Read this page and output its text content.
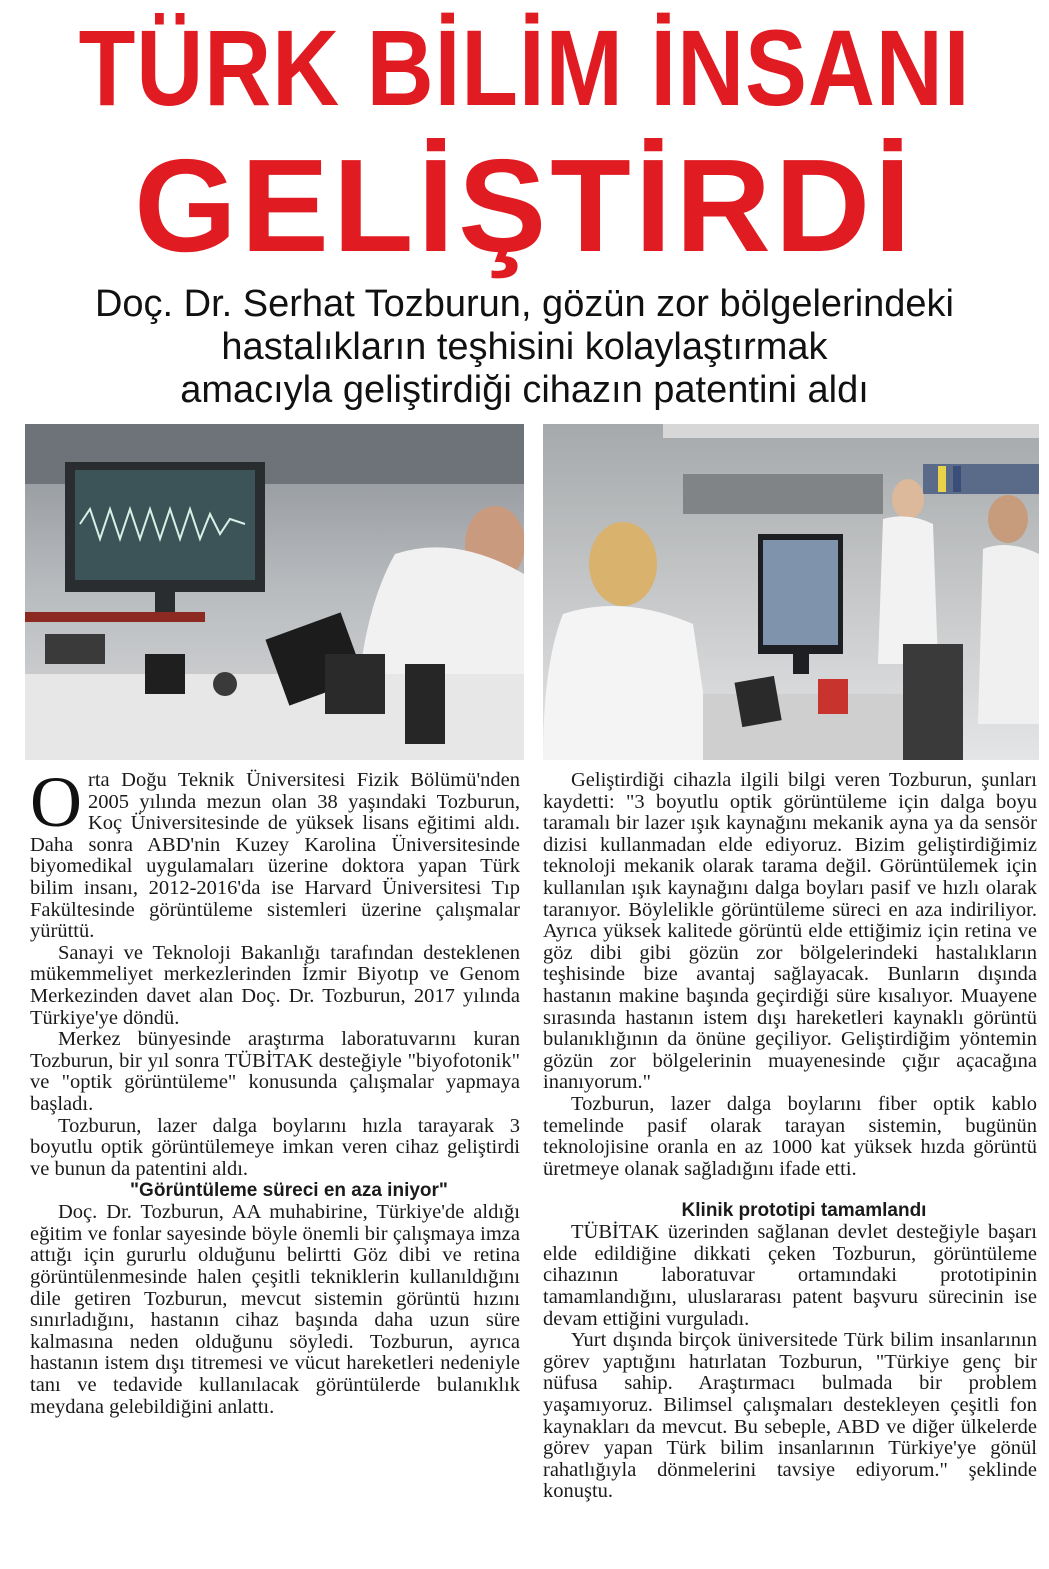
TÜRK BİLİM İNSANI
GELİŞTİRDİ
Doç. Dr. Serhat Tozburun, gözün zor bölgelerindeki
hastalıkların teşhisini kolaylaştırmak
amacıyla geliştirdiği cihazın patentini aldı

Orta Doğu Teknik Üniversitesi Fizik Bölümü'nden 2005 yılında mezun olan 38 yaşındaki Tozburun, Koç Üniversitesinde de yüksek lisans eğitimi aldı. Daha sonra ABD'nin Kuzey Karolina Üniversitesinde biyomedikal uygulamaları üzerine doktora yapan Türk bilim insanı, 2012-2016'da ise Harvard Üniversitesi Tıp Fakültesinde görüntüleme sistemleri üzerine çalışmalar yürüttü.

Sanayi ve Teknoloji Bakanlığı tarafından desteklenen mükemmeliyet merkezlerinden İzmir Biyotıp ve Genom Merkezinden davet alan Doç. Dr. Tozburun, 2017 yılında Türkiye'ye döndü.

Merkez bünyesinde araştırma laboratuvarını kuran Tozburun, bir yıl sonra TÜBİTAK desteğiyle "biyofotonik" ve "optik görüntüleme" konusunda çalışmalar yapmaya başladı.

Tozburun, lazer dalga boylarını hızla tarayarak 3 boyutlu optik görüntülemeye imkan veren cihaz geliştirdi ve bunun da patentini aldı.

"Görüntüleme süreci en aza iniyor"

Doç. Dr. Tozburun, AA muhabirine, Türkiye'de aldığı eğitim ve fonlar sayesinde böyle önemli bir çalışmaya imza attığı için gururlu olduğunu belirtti Göz dibi ve retina görüntülenmesinde halen çeşitli tekniklerin kullanıldığını dile getiren Tozburun, mevcut sistemin görüntü hızını sınırladığını, hastanın cihaz başında daha uzun süre kalmasına neden olduğunu söyledi. Tozburun, ayrıca hastanın istem dışı titremesi ve vücut hareketleri nedeniyle tanı ve tedavide kullanılacak görüntülerde bulanıklık meydana gelebildiğini anlattı.

Geliştirdiği cihazla ilgili bilgi veren Tozburun, şunları kaydetti: "3 boyutlu optik görüntüleme için dalga boyu taramalı bir lazer ışık kaynağını mekanik ayna ya da sensör dizisi kullanmadan elde ediyoruz. Bizim geliştirdiğimiz teknoloji mekanik olarak tarama değil. Görüntülemek için kullanılan ışık kaynağını dalga boyları pasif ve hızlı olarak taranıyor. Böylelikle görüntüleme süreci en aza indiriliyor. Ayrıca yüksek kalitede görüntü elde ettiğimiz için retina ve göz dibi gibi gözün zor bölgelerindeki hastalıkların teşhisinde bize avantaj sağlayacak. Bunların dışında hastanın makine başında geçirdiği süre kısalıyor. Muayene sırasında hastanın istem dışı hareketleri kaynaklı görüntü bulanıklığının da önüne geçiliyor. Geliştirdiğim yöntemin gözün zor bölgelerinin muayenesinde çığır açacağına inanıyorum."

Tozburun, lazer dalga boylarını fiber optik kablo temelinde pasif olarak tarayan sistemin, bugünün teknolojisine oranla en az 1000 kat yüksek hızda görüntü üretmeye olanak sağladığını ifade etti.

Klinik prototipi tamamlandı

TÜBİTAK üzerinden sağlanan devlet desteğiyle başarı elde edildiğine dikkati çeken Tozburun, görüntüleme cihazının laboratuvar ortamındaki prototipinin tamamlandığını, uluslararası patent başvuru sürecinin ise devam ettiğini vurguladı.

Yurt dışında birçok üniversitede Türk bilim insanlarının görev yaptığını hatırlatan Tozburun, "Türkiye genç bir nüfusa sahip. Araştırmacı bulmada bir problem yaşamıyoruz. Bilimsel çalışmaları destekleyen çeşitli fon kaynakları da mevcut. Bu sebeple, ABD ve diğer ülkelerde görev yapan Türk bilim insanlarının Türkiye'ye gönül rahatlığıyla dönmelerini tavsiye ediyorum." şeklinde konuştu.
